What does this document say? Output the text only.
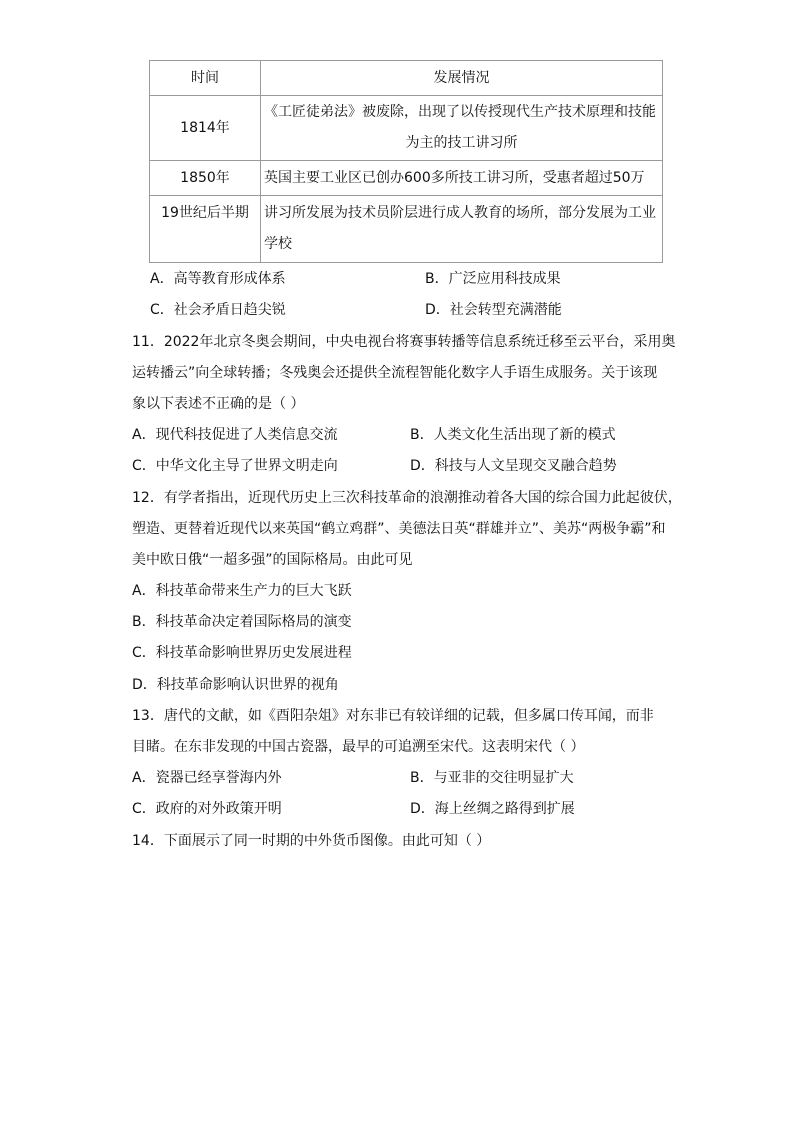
时间	发展情况
1814年	《工匠徒弟法》被废除，出现了以传授现代生产技术原理和技能
为主的技工讲习所

1850年	英国主要工业区已创办600多所技工讲习所，受惠者超过50万

19世纪后半期	讲习所发展为技术员阶层进行成人教育的场所，部分发展为工业
学校
A．高等教育形成体系	B．广泛应用科技成果
C．社会矛盾日趋尖锐	D．社会转型充满潜能
11．2022年北京冬奥会期间，中央电视台将赛事转播等信息系统迁移至云平台，采用奥
运转播云”向全球转播；冬残奥会还提供全流程智能化数字人手语生成服务。关于该现
象以下表述不正确的是（ ）
A．现代科技促进了人类信息交流	B．人类文化生活出现了新的模式
C．中华文化主导了世界文明走向	D．科技与人文呈现交叉融合趋势
12．有学者指出，近现代历史上三次科技革命的浪潮推动着各大国的综合国力此起彼伏，
塑造、更替着近现代以来英国“鹤立鸡群”、美德法日英“群雄并立”、美苏“两极争霸”和
美中欧日俄“一超多强”的国际格局。由此可见
A．科技革命带来生产力的巨大飞跃
B．科技革命决定着国际格局的演变
C．科技革命影响世界历史发展进程
D．科技革命影响认识世界的视角
13．唐代的文献，如《酉阳杂俎》对东非已有较详细的记载，但多属口传耳闻，而非
目睹。在东非发现的中国古瓷器，最早的可追溯至宋代。这表明宋代（ ）
A．瓷器已经享誉海内外	B．与亚非的交往明显扩大
C．政府的对外政策开明	D．海上丝绸之路得到扩展
14．下面展示了同一时期的中外货币图像。由此可知（ ）
